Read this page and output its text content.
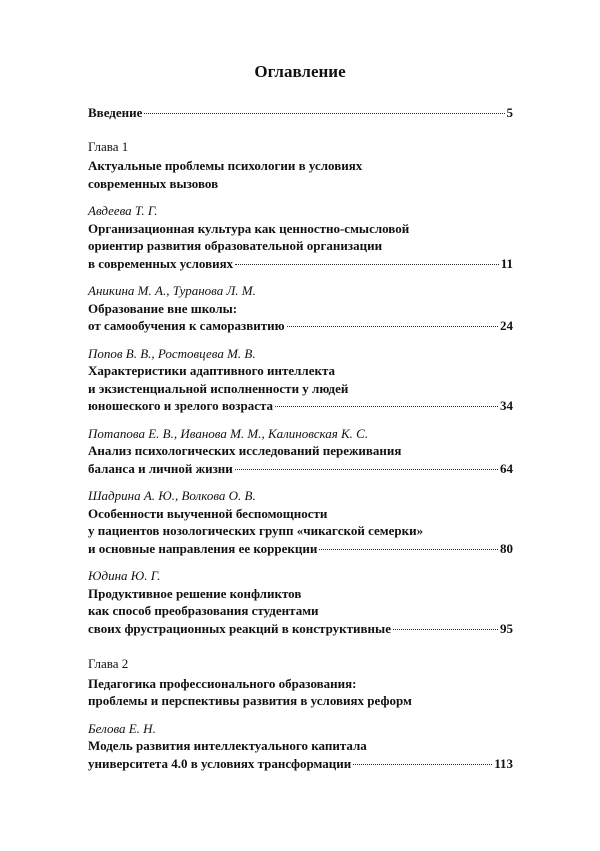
Оглавление
Введение	5
Глава 1
Актуальные проблемы психологии в условиях
современных вызовов
Авдеева Т. Г.
Организационная культура как ценностно-смысловой
ориентир развития образовательной организации
в современных условиях	11
Аникина М. А., Туранова Л. М.
Образование вне школы:
от самообучения к саморазвитию	24
Попов В. В., Ростовцева М. В.
Характеристики адаптивного интеллекта
и экзистенциальной исполненности у людей
юношеского и зрелого возраста	34
Потапова Е. В., Иванова М. М., Калиновская К. С.
Анализ психологических исследований переживания
баланса и личной жизни	64
Шадрина А. Ю., Волкова О. В.
Особенности выученной беспомощности
у пациентов нозологических групп «чикагской семерки»
и основные направления ее коррекции	80
Юдина Ю. Г.
Продуктивное решение конфликтов
как способ преобразования студентами
своих фрустрационных реакций в конструктивные	95
Глава 2
Педагогика профессионального образования:
проблемы и перспективы развития в условиях реформ
Белова Е. Н.
Модель развития интеллектуального капитала
университета 4.0 в условиях трансформации	113
